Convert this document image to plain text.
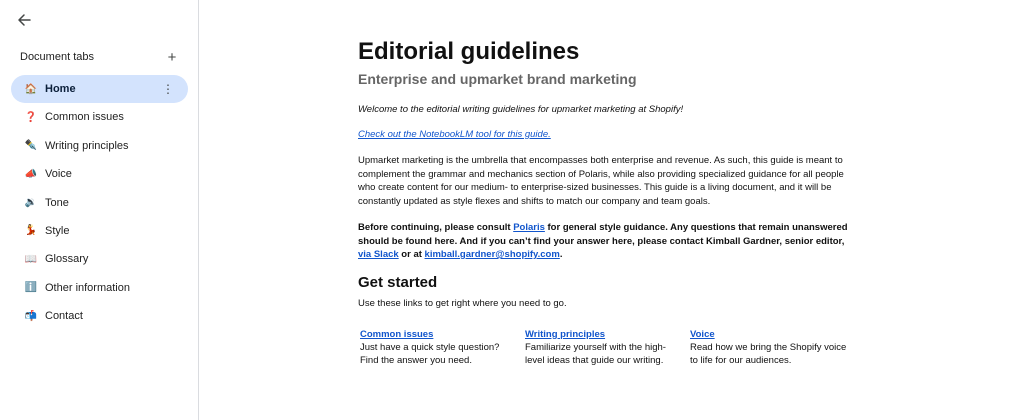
Document tabs	+
🏠 Home	⋮
❓ Common issues
✒️ Writing principles
📣 Voice
🔉 Tone
💃 Style
📖 Glossary
ℹ️ Other information
📬 Contact
Editorial guidelines
Enterprise and upmarket brand marketing

Welcome to the editorial writing guidelines for upmarket marketing at Shopify!

Check out the NotebookLM tool for this guide.

Upmarket marketing is the umbrella that encompasses both enterprise and revenue. As such, this guide is meant to complement the grammar and mechanics section of Polaris, while also providing specialized guidance for all people who create content for our medium- to enterprise-sized businesses. This guide is a living document, and it will be constantly updated as style flexes and shifts to match our company and team goals.

Before continuing, please consult Polaris for general style guidance. Any questions that remain unanswered should be found here. And if you can’t find your answer here, please contact Kimball Gardner, senior editor, via Slack or at kimball.gardner@shopify.com.

Get started

Use these links to get right where you need to go.

Common issues
Just have a quick style question? Find the answer you need.
Writing principles
Familiarize yourself with the high-level ideas that guide our writing.
Voice
Read how we bring the Shopify voice to life for our audiences.
